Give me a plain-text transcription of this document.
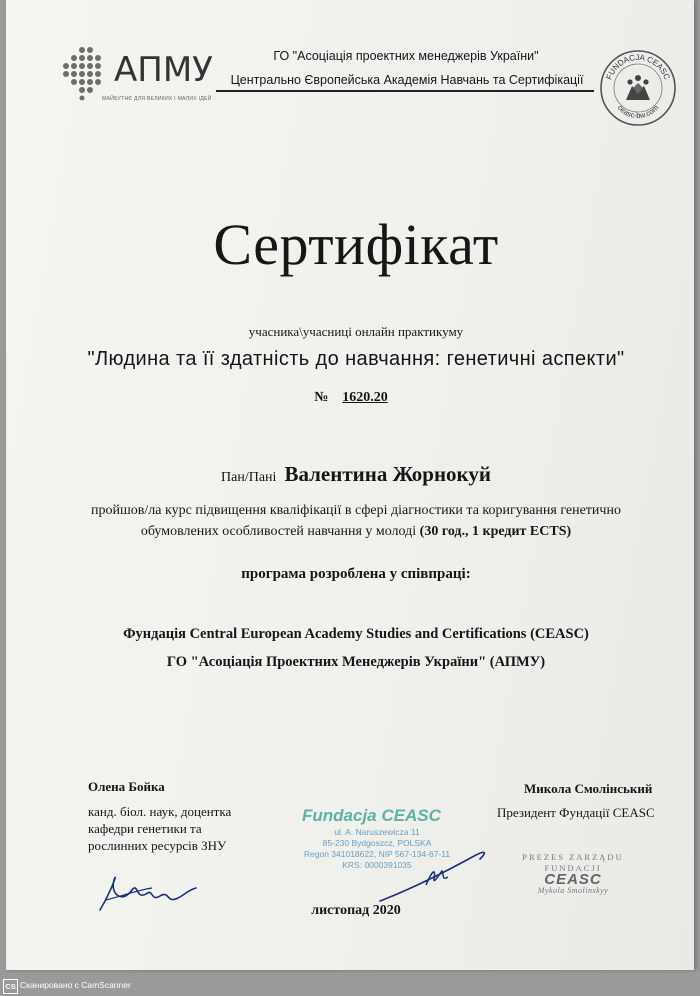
АПМУ
МАЙБУТНЄ ДЛЯ ВЕЛИКИХ І МАЛИХ ІДЕЙ
ГО "Асоціація проектних менеджерів України"
Центрально Європейська Академія Навчань та Сертифікації	FUNDACJA CEASC
ceasc-bw.com
Сертифікат
учасника\учасниці онлайн практикуму
"Людина та її здатність до навчання: генетичні аспекти"
№ 1620.20
Пан/Пані Валентина Жорнокуй
пройшов/ла курс підвищення кваліфікації в сфері діагностики та коригування генетично обумовлених особливостей навчання у молоді (30 год., 1 кредит ECTS)
програма розроблена у співпраці:
Фундація Central European Academy Studies and Certifications (CEASC)
ГО "Асоціація Проектних Менеджерів України" (АПМУ)
Олена Бойка
канд. біол. наук, доцентка
кафедри генетики та
рослинних ресурсів ЗНУ
Fundacja CEASC
ul. A. Naruszewicza 11
85-230 Bydgoszcz, POLSKA
Regon 341018622, NIP 567-134-67-11
KRS: 0000391035
Микола Смолінський
Президент Фундації CEASC
PREZES ZARZĄDU
FUNDACJI
CEASC
Mykola Smolinskyy
листопад 2020
CS Сканировано с CamScanner
